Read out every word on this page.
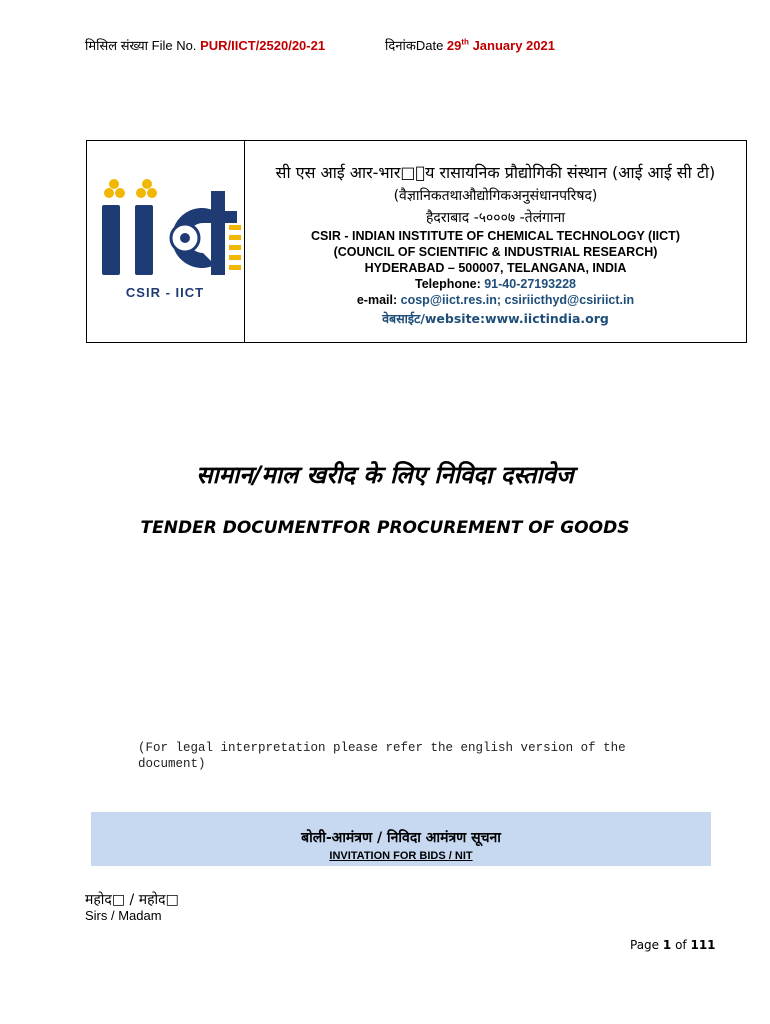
मिसिल संख्या File No. PUR/IICT/2520/20-21	दिनांकDate 29th January 2021
CSIR - IICT
सी एस आई आर-भार□ीय रासायनिक प्रौद्योगिकी संस्थान (आई आई सी टी)
(वैज्ञानिकतथाऔद्योगिकअनुसंधानपरिषद)
हैदराबाद -५०००७ -तेलंगाना
CSIR - INDIAN INSTITUTE OF CHEMICAL TECHNOLOGY (IICT)
(COUNCIL OF SCIENTIFIC & INDUSTRIAL RESEARCH)
HYDERABAD – 500007, TELANGANA, INDIA
Telephone: 91-40-27193228
e-mail: cosp@iict.res.in; csiriicthyd@csiriict.in
वेबसाईट/website:www.iictindia.org
सामान/माल खरीद के लिए निविदा दस्तावेज
TENDER DOCUMENTFOR PROCUREMENT OF GOODS
(For legal interpretation please refer the english version of the document)
बोली-आमंत्रण / निविदा आमंत्रण सूचना
INVITATION FOR BIDS / NIT
महोद□ / महोद□
Sirs / Madam
Page 1 of 111
